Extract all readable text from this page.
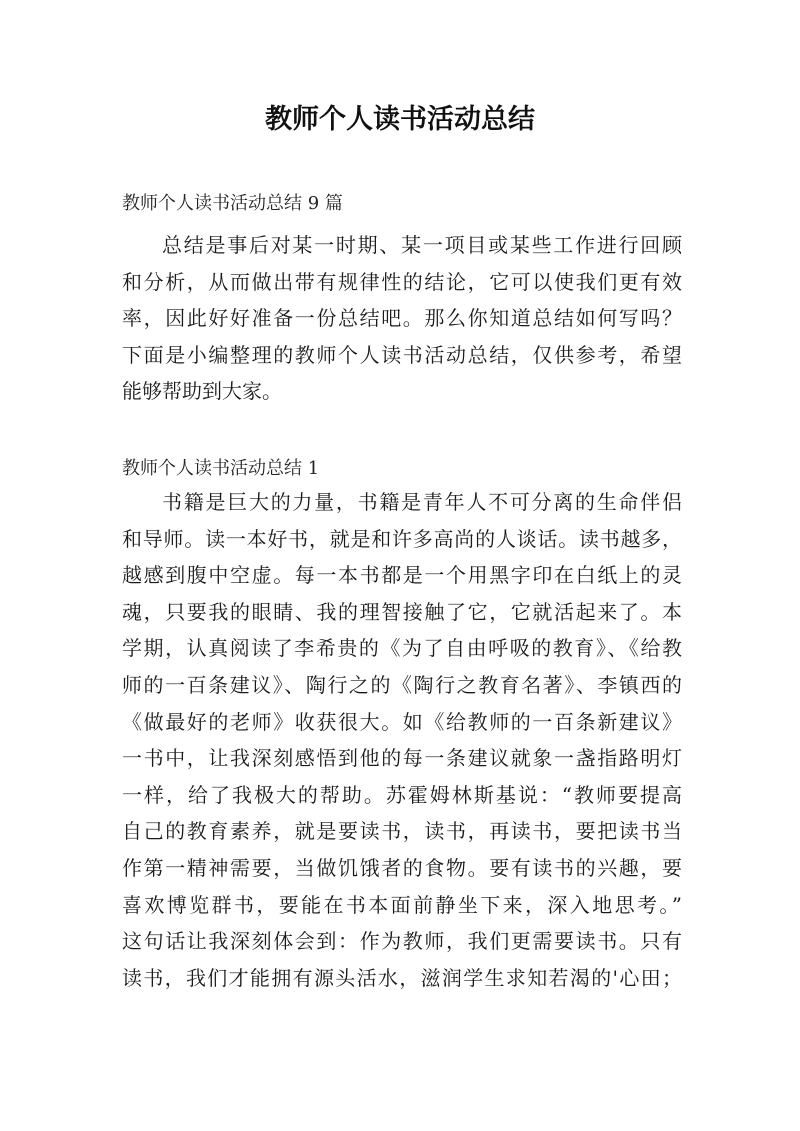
教师个人读书活动总结
教师个人读书活动总结 9 篇
总结是事后对某一时期、某一项目或某些工作进行回顾
和分析，从而做出带有规律性的结论，它可以使我们更有效
率，因此好好准备一份总结吧。那么你知道总结如何写吗？
下面是小编整理的教师个人读书活动总结，仅供参考，希望
能够帮助到大家。
教师个人读书活动总结 1
书籍是巨大的力量，书籍是青年人不可分离的生命伴侣
和导师。读一本好书，就是和许多高尚的人谈话。读书越多，
越感到腹中空虚。每一本书都是一个用黑字印在白纸上的灵
魂，只要我的眼睛、我的理智接触了它，它就活起来了。本
学期，认真阅读了李希贵的《为了自由呼吸的教育》、《给教
师的一百条建议》、陶行之的《陶行之教育名著》、李镇西的
《做最好的老师》收获很大。如《给教师的一百条新建议》
一书中，让我深刻感悟到他的每一条建议就象一盏指路明灯
一样，给了我极大的帮助。苏霍姆林斯基说：“教师要提高
自己的教育素养，就是要读书，读书，再读书，要把读书当
作第一精神需要，当做饥饿者的食物。要有读书的兴趣，要
喜欢博览群书，要能在书本面前静坐下来，深入地思考。”
这句话让我深刻体会到：作为教师，我们更需要读书。只有
读书，我们才能拥有源头活水，滋润学生求知若渴的'心田；
